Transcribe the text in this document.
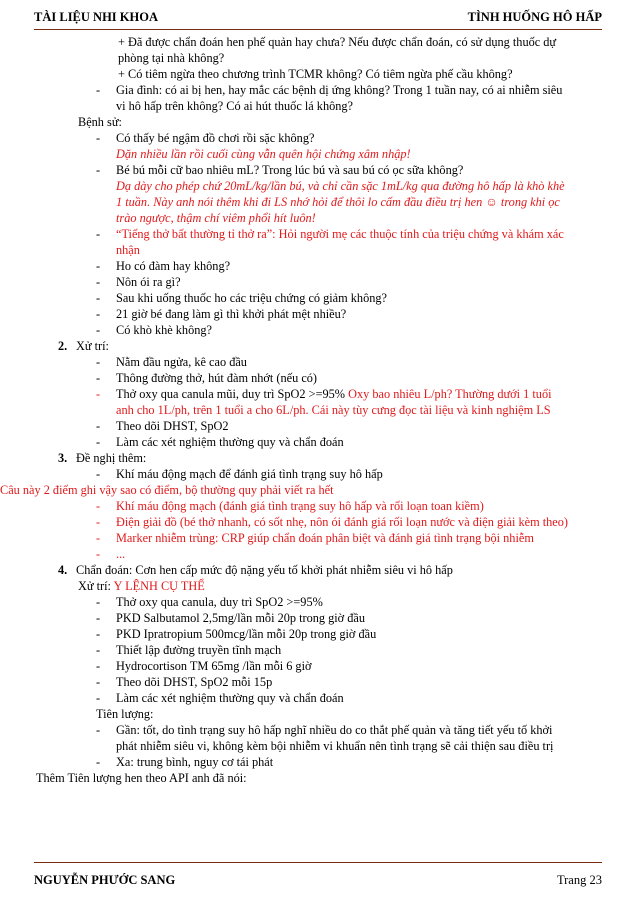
TÀI LIỆU NHI KHOA	TÌNH HUỐNG HÔ HẤP

+ Đã được chẩn đoán hen phế quản hay chưa? Nếu được chẩn đoán, có sử dụng thuốc dự

phòng tại nhà không?

+ Có tiêm ngừa theo chương trình TCMR không? Có tiêm ngừa phế cầu không?

- Gia đình: có ai bị hen, hay mắc các bệnh dị ứng không? Trong 1 tuần nay, có ai nhiễm siêu

vi hô hấp trên không? Có ai hút thuốc lá không?

Bệnh sử:

- Có thấy bé ngậm đồ chơi rồi sặc không?

Dặn nhiều lần rồi cuối cùng vẫn quên hội chứng xâm nhập!

- Bé bú mỗi cữ bao nhiêu mL? Trong lúc bú và sau bú có ọc sữa không?

Dạ dày cho phép chứ 20mL/kg/lần bú, và chỉ cần sặc 1mL/kg qua đường hô hấp là khò khè

1 tuần. Này anh nói thêm khi đi LS nhớ hỏi để thôi lo cấm đầu điều trị hen ☺ trong khi ọc

trào ngược, thậm chí viêm phổi hít luôn!

- “Tiếng thở bất thường tỉ thở ra”: Hỏi người mẹ các thuộc tính của triệu chứng và khám xác

nhận

- Ho có đàm hay không?

- Nôn ói ra gì?

- Sau khi uống thuốc ho các triệu chứng có giảm không?

- 21 giờ bé đang làm gì thì khởi phát mệt nhiều?

- Có khò khè không?

2. Xử trí:

- Nằm đầu ngửa, kê cao đầu

- Thông đường thở, hút đàm nhớt (nếu có)

- Thở oxy qua canula mũi, duy trì SpO2 >=95% Oxy bao nhiêu L/ph? Thường dưới 1 tuổi

anh cho 1L/ph, trên 1 tuổi a cho 6L/ph. Cái này tùy cưng đọc tài liệu và kinh nghiệm LS

- Theo dõi DHST, SpO2

- Làm các xét nghiệm thường quy và chẩn đoán

3. Đề nghị thêm:

- Khí máu động mạch để đánh giá tình trạng suy hô hấp

Câu này 2 điểm ghi vậy sao có điểm, bộ thường quy phải viết ra hết

- Khí máu động mạch (đánh giá tình trạng suy hô hấp và rối loạn toan kiềm)

- Điện giải đồ (bé thở nhanh, có sốt nhẹ, nôn ói đánh giá rối loạn nước và điện giải kèm theo)

- Marker nhiễm trùng: CRP giúp chẩn đoán phân biệt và đánh giá tình trạng bội nhiễm

- ...

4. Chẩn đoán: Cơn hen cấp mức độ nặng yếu tố khởi phát nhiễm siêu vi hô hấp

Xử trí: Y LỆNH CỤ THỂ

- Thở oxy qua canula, duy trì SpO2 >=95%

- PKD Salbutamol 2,5mg/lần mỗi 20p trong giờ đầu

- PKD Ipratropium 500mcg/lần mỗi 20p trong giờ đầu

- Thiết lập đường truyền tĩnh mạch

- Hydrocortison TM 65mg /lần mỗi 6 giờ

- Theo dõi DHST, SpO2 mỗi 15p

- Làm các xét nghiệm thường quy và chẩn đoán

Tiên lượng:

- Gần: tốt, do tình trạng suy hô hấp nghĩ nhiều do co thắt phế quản và tăng tiết yếu tố khởi

phát nhiễm siêu vi, không kèm bội nhiễm vi khuẩn nên tình trạng sẽ cải thiện sau điều trị

- Xa: trung bình, nguy cơ tái phát

Thêm Tiên lượng hen theo API anh đã nói:

NGUYỄN PHƯỚC SANG	Trang 23
